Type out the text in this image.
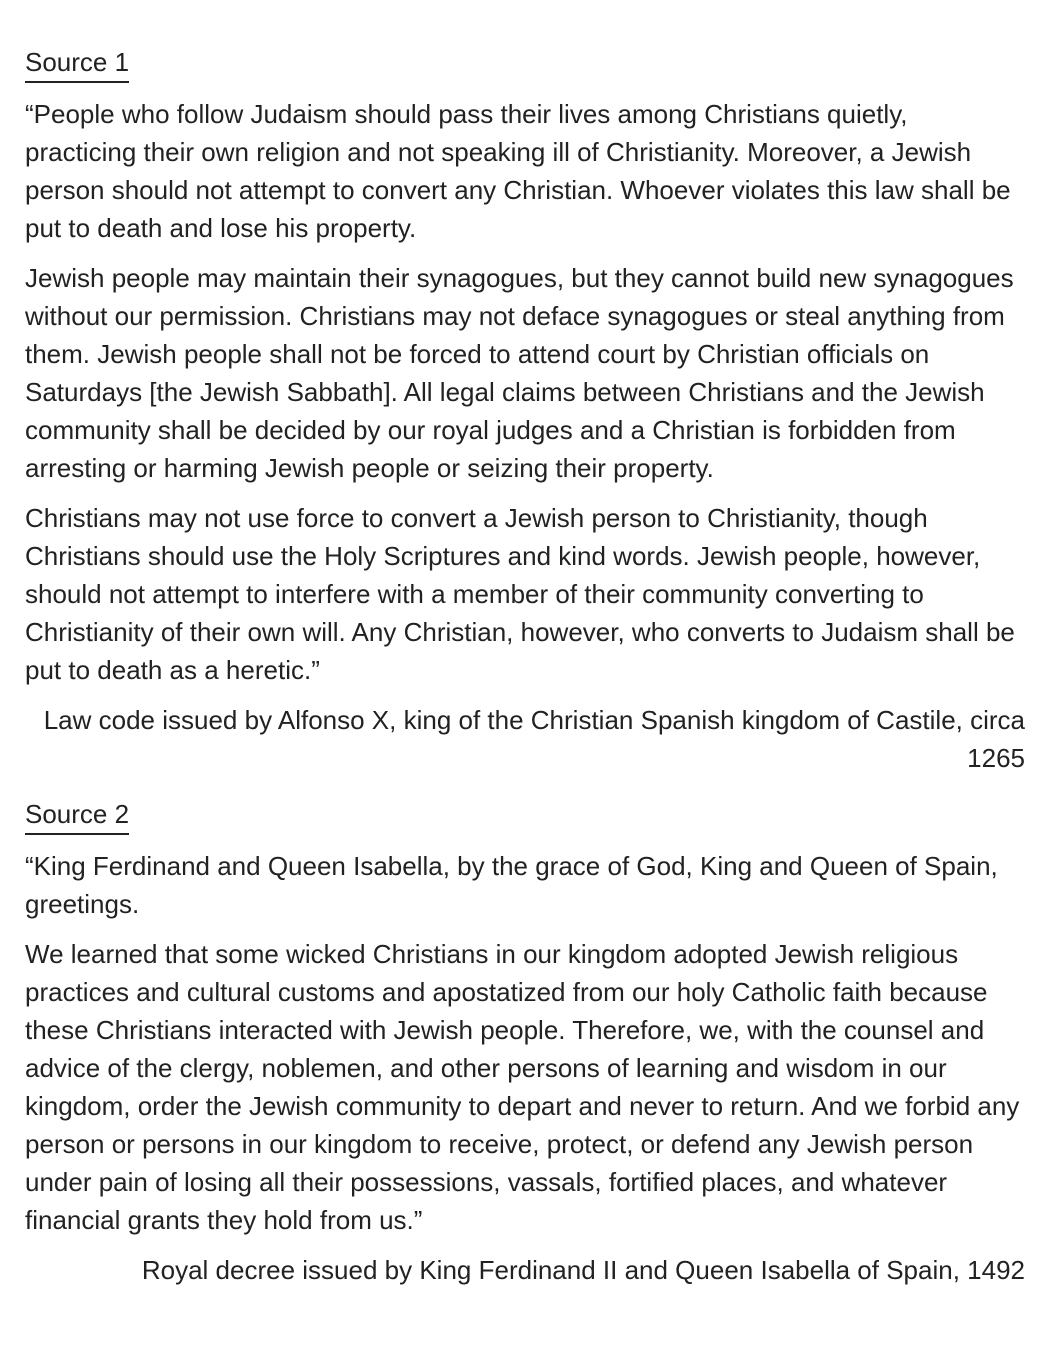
Source 1

“People who follow Judaism should pass their lives among Christians quietly, practicing their own religion and not speaking ill of Christianity. Moreover, a Jewish person should not attempt to convert any Christian. Whoever violates this law shall be put to death and lose his property.

Jewish people may maintain their synagogues, but they cannot build new synagogues without our permission. Christians may not deface synagogues or steal anything from them. Jewish people shall not be forced to attend court by Christian officials on Saturdays [the Jewish Sabbath]. All legal claims between Christians and the Jewish community shall be decided by our royal judges and a Christian is forbidden from arresting or harming Jewish people or seizing their property.

Christians may not use force to convert a Jewish person to Christianity, though Christians should use the Holy Scriptures and kind words. Jewish people, however, should not attempt to interfere with a member of their community converting to Christianity of their own will. Any Christian, however, who converts to Judaism shall be put to death as a heretic.”

Law code issued by Alfonso X, king of the Christian Spanish kingdom of Castile, circa 1265

Source 2

“King Ferdinand and Queen Isabella, by the grace of God, King and Queen of Spain, greetings.

We learned that some wicked Christians in our kingdom adopted Jewish religious practices and cultural customs and apostatized from our holy Catholic faith because these Christians interacted with Jewish people. Therefore, we, with the counsel and advice of the clergy, noblemen, and other persons of learning and wisdom in our kingdom, order the Jewish community to depart and never to return. And we forbid any person or persons in our kingdom to receive, protect, or defend any Jewish person under pain of losing all their possessions, vassals, fortified places, and whatever financial grants they hold from us.”

Royal decree issued by King Ferdinand II and Queen Isabella of Spain, 1492
